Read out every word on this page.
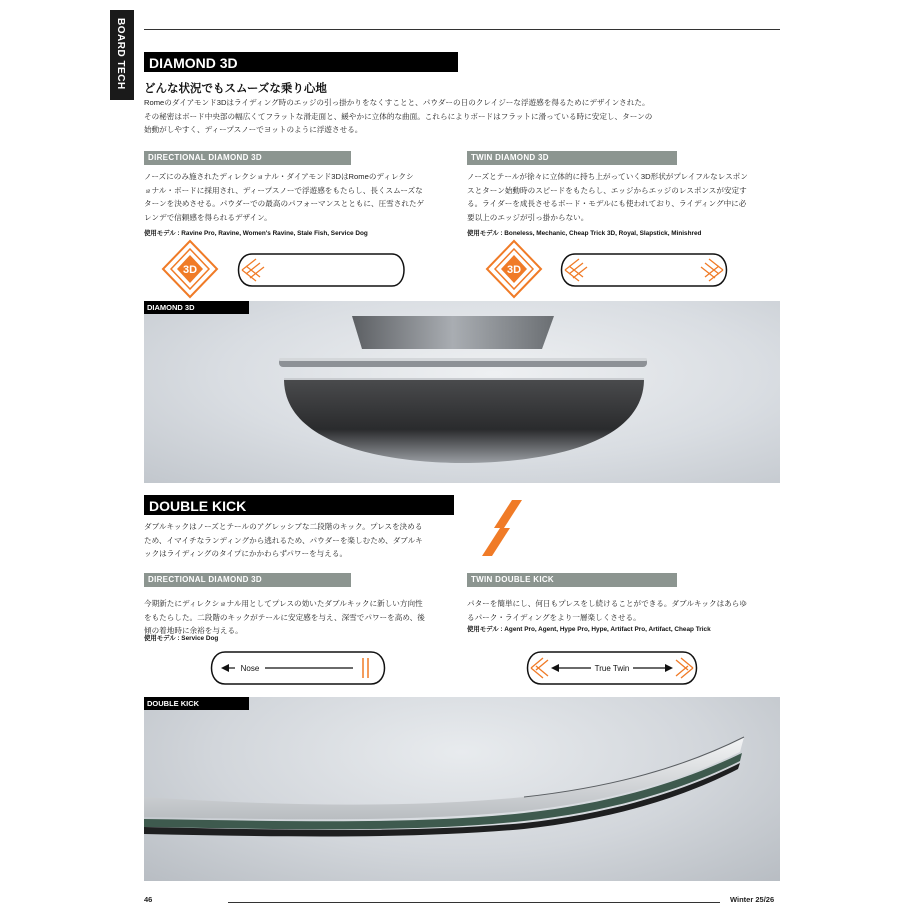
BOARD TECH	DIAMOND 3D
どんな状況でもスムーズな乗り心地
Romeのダイアモンド3Dはライディング時のエッジの引っ掛かりをなくすことと、パウダーの日のクレイジーな浮遊感を得るためにデザインされた。
その秘密はボード中央部の幅広くてフラットな滑走面と、緩やかに立体的な曲面。これらによりボードはフラットに滑っている時に安定し、ターンの
始動がしやすく、ディープスノーでヨットのように浮遊させる。
DIRECTIONAL DIAMOND 3D
ノーズにのみ施されたディレクショナル・ダイアモンド3DはRomeのディレクシ
ョナル・ボードに採用され、ディープスノーで浮遊感をもたらし、長くスムーズな
ターンを決めさせる。パウダーでの最高のパフォーマンスとともに、圧雪されたゲ
レンデで信頼感を得られるデザイン。
使用モデル : Ravine Pro, Ravine, Women's Ravine, Stale Fish, Service Dog
TWIN DIAMOND 3D
ノーズとテールが徐々に立体的に持ち上がっていく3D形状がプレイフルなレスポン
スとターン始動時のスピードをもたらし、エッジからエッジのレスポンスが安定す
る。ライダーを成長させるボード・モデルにも使われており、ライディング中に必
要以上のエッジが引っ掛からない。
使用モデル : Boneless, Mechanic, Cheap Trick 3D, Royal, Slapstick, Minishred
3D	3D
DIAMOND 3D
DOUBLE KICK
ダブルキックはノーズとテールのアグレッシブな二段階のキック。プレスを決める
ため、イマイチなランディングから逃れるため、パウダーを楽しむため、ダブルキ
ックはライディングのタイプにかかわらずパワーを与える。
DIRECTIONAL DIAMOND 3D
今期新たにディレクショナル用としてプレスの効いたダブルキックに新しい方向性
をもたらした。二段階のキックがテールに安定感を与え、深雪でパワーを高め、後
傾の着地時に余裕を与える。
使用モデル : Service Dog
TWIN DOUBLE KICK
パターを簡単にし、何日もプレスをし続けることができる。ダブルキックはあらゆ
るパーク・ライディングをより一層楽しくさせる。
使用モデル : Agent Pro, Agent, Hype Pro, Hype, Artifact Pro, Artifact, Cheap Trick
Nose	True Twin
DOUBLE KICK
46	Winter 25/26
